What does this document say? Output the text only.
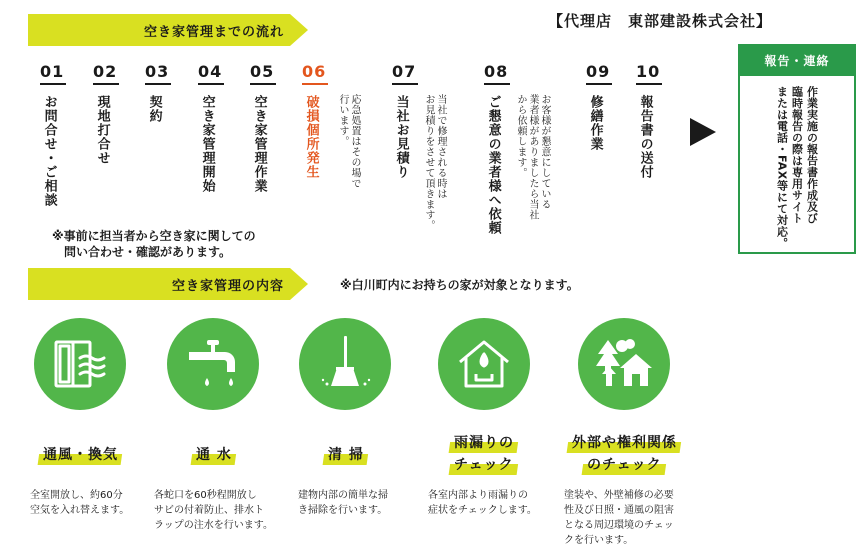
空き家管理までの流れ
【代理店　東部建設株式会社】
01
お問合せ・ご相談
02
現地打合せ
03
契約
04
空き家管理開始
05
空き家管理作業
06
破損個所発生	応急処置はその場で
行います。
07
当社お見積り	当社で修理される時は
お見積りをさせて頂きます。
08
ご懇意の業者様へ依頼	お客様が懇意にしている
業者様がありましたら当社
から依頼します。
09
修繕作業
10
報告書の送付
報告・連絡
作業実施の報告書作成及び
臨時報告の際は専用サイト
または電話・FAX等にて対応。
※事前に担当者から空き家に関しての
　問い合わせ・確認があります。
空き家管理の内容	※白川町内にお持ちの家が対象となります。
通風・換気	通 水	清 掃
雨漏りの
チェック
外部や権利関係
のチェック
全室開放し、約60分
空気を入れ替えます。
各蛇口を60秒程開放し
サビの付着防止、排水ト
ラップの注水を行います。
建物内部の簡単な掃
き掃除を行います。
各室内部より雨漏りの
症状をチェックします。
塗装や、外壁補修の必要
性及び日照・通風の阻害
となる周辺環境のチェッ
クを行います。
